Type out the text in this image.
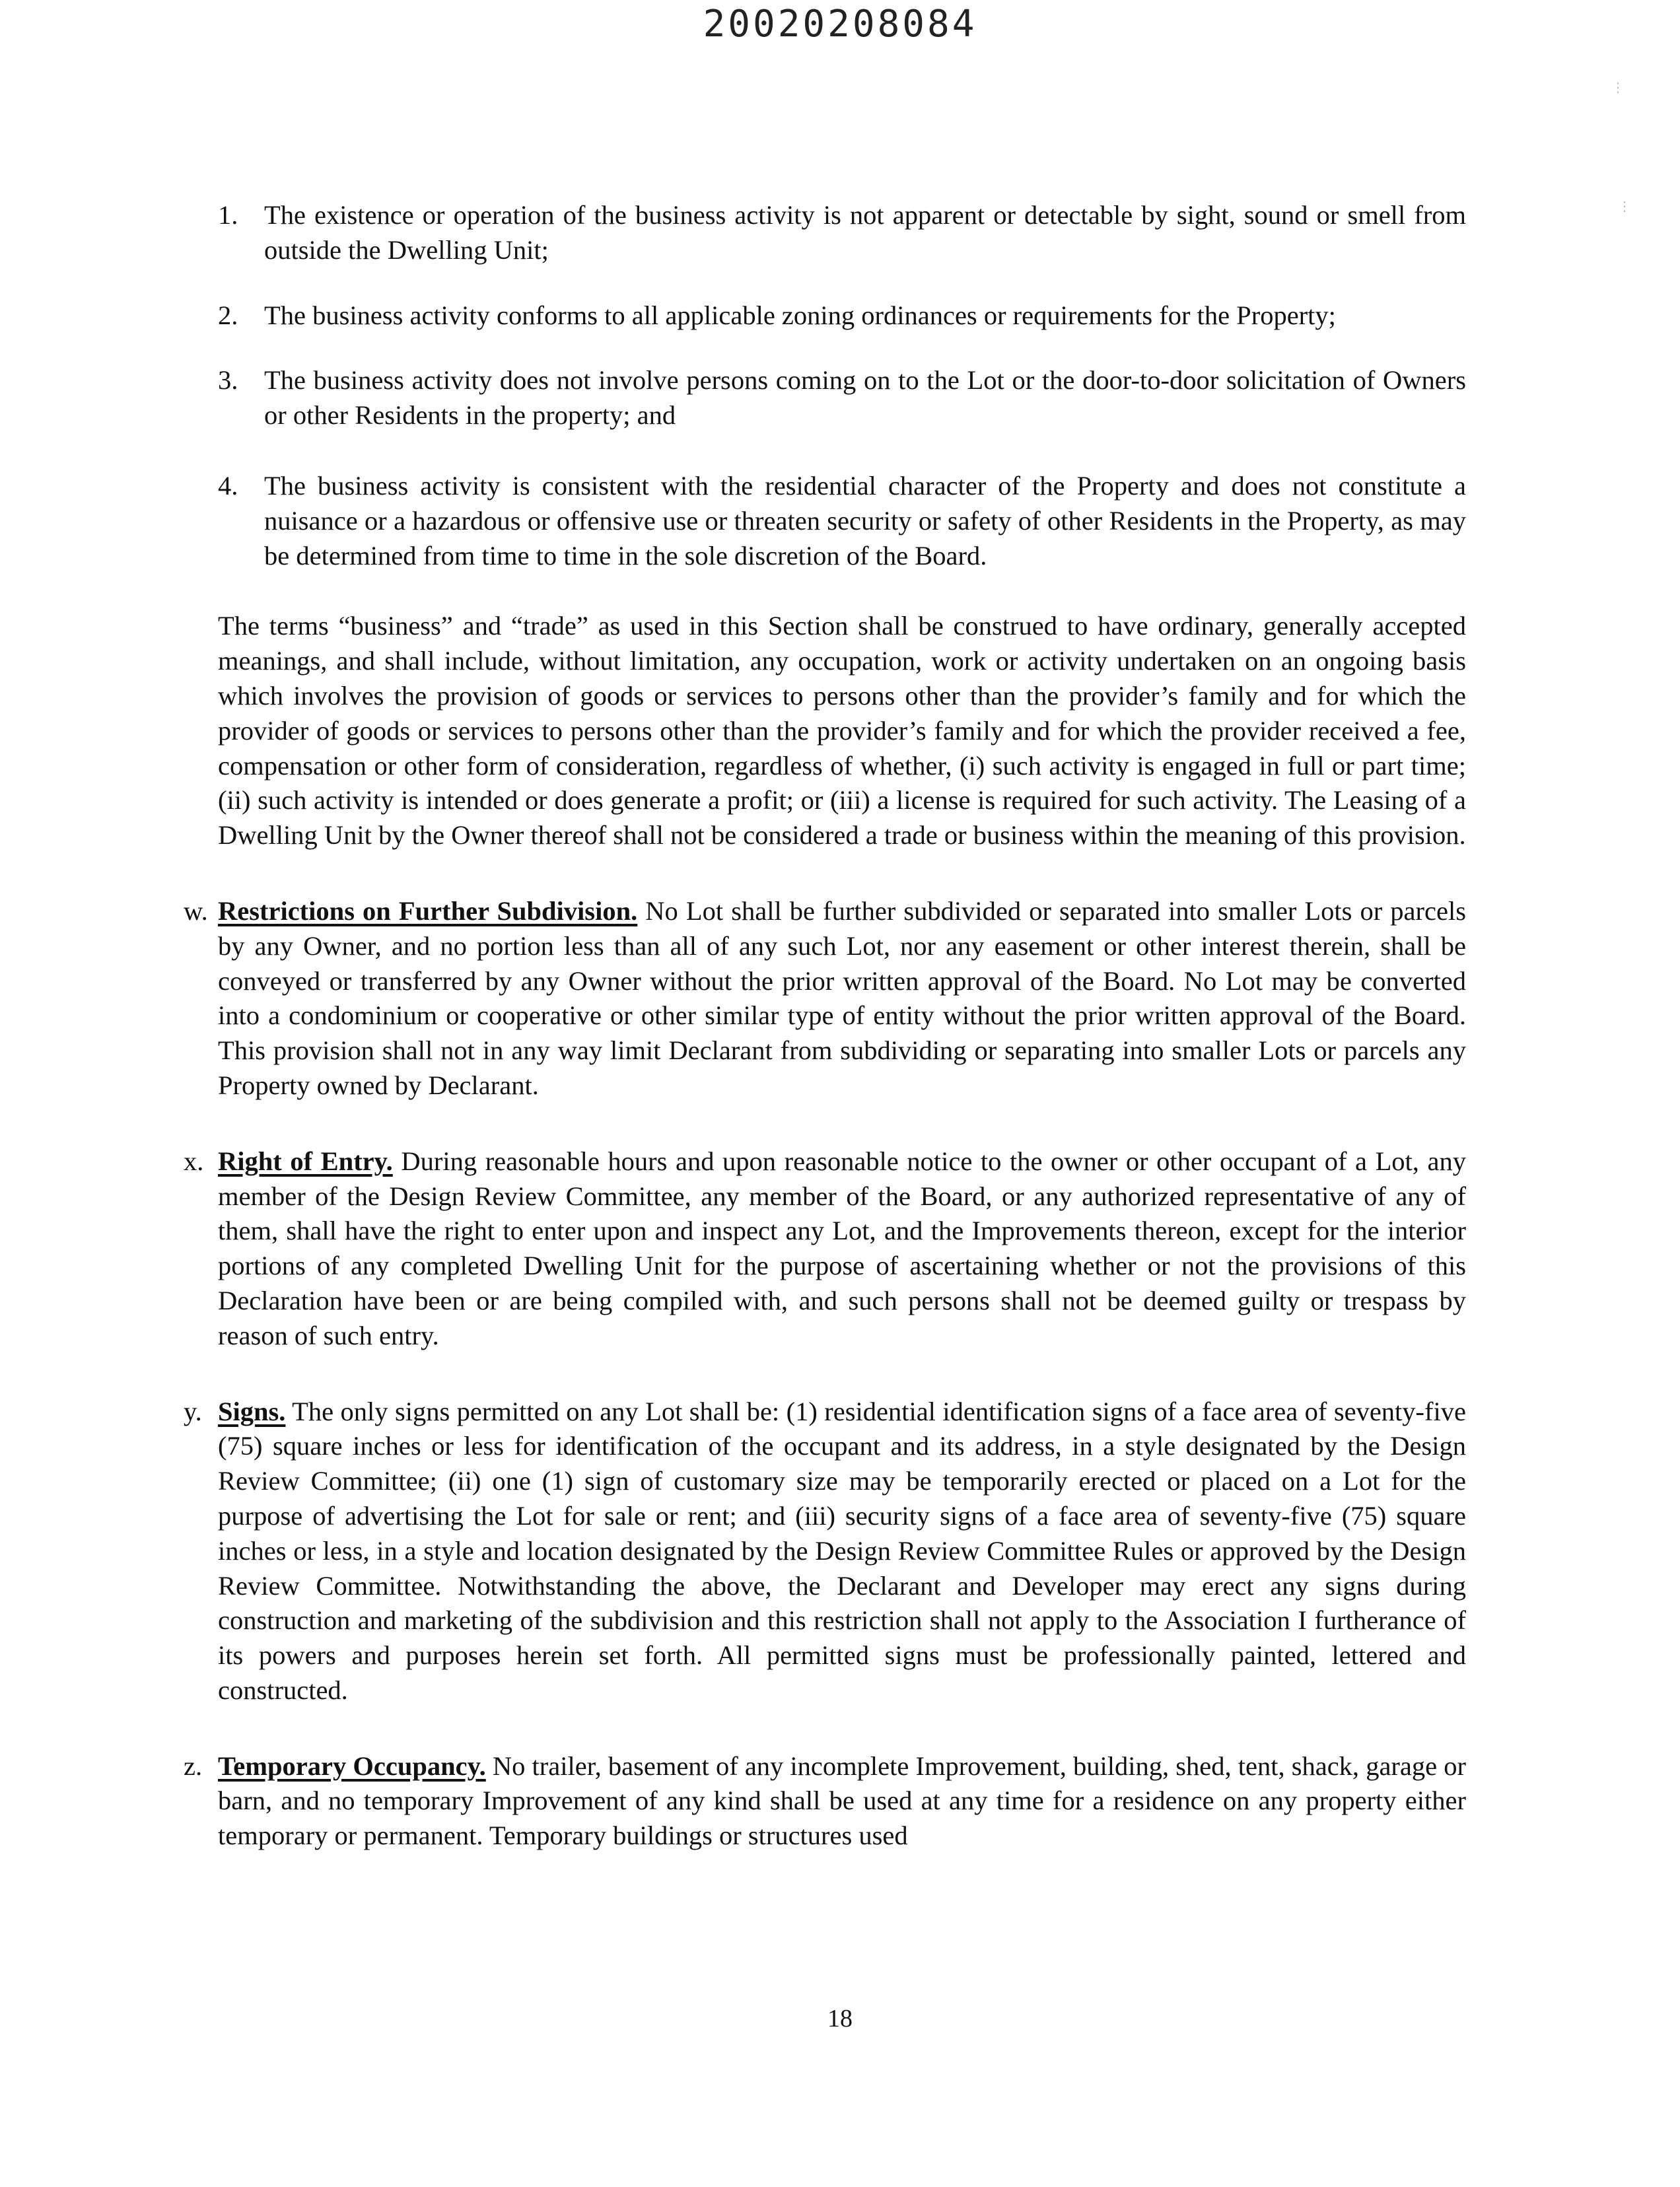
20020208084
⋮
⋮
1. The existence or operation of the business activity is not apparent or detectable by sight, sound or smell from outside the Dwelling Unit;
2. The business activity conforms to all applicable zoning ordinances or requirements for the Property;
3. The business activity does not involve persons coming on to the Lot or the door-to-door solicitation of Owners or other Residents in the property; and
4. The business activity is consistent with the residential character of the Property and does not constitute a nuisance or a hazardous or offensive use or threaten security or safety of other Residents in the Property, as may be determined from time to time in the sole discretion of the Board.

The terms “business” and “trade” as used in this Section shall be construed to have ordinary, generally accepted meanings, and shall include, without limitation, any occupation, work or activity undertaken on an ongoing basis which involves the provision of goods or services to persons other than the provider’s family and for which the provider of goods or services to persons other than the provider’s family and for which the provider received a fee, compensation or other form of consideration, regardless of whether, (i) such activity is engaged in full or part time; (ii) such activity is intended or does generate a profit; or (iii) a license is required for such activity. The Leasing of a Dwelling Unit by the Owner thereof shall not be considered a trade or business within the meaning of this provision.

w. Restrictions on Further Subdivision. No Lot shall be further subdivided or separated into smaller Lots or parcels by any Owner, and no portion less than all of any such Lot, nor any easement or other interest therein, shall be conveyed or transferred by any Owner without the prior written approval of the Board. No Lot may be converted into a condominium or cooperative or other similar type of entity without the prior written approval of the Board. This provision shall not in any way limit Declarant from subdividing or separating into smaller Lots or parcels any Property owned by Declarant.
x. Right of Entry. During reasonable hours and upon reasonable notice to the owner or other occupant of a Lot, any member of the Design Review Committee, any member of the Board, or any authorized representative of any of them, shall have the right to enter upon and inspect any Lot, and the Improvements thereon, except for the interior portions of any completed Dwelling Unit for the purpose of ascertaining whether or not the provisions of this Declaration have been or are being compiled with, and such persons shall not be deemed guilty or trespass by reason of such entry.
y. Signs. The only signs permitted on any Lot shall be: (1) residential identification signs of a face area of seventy-five (75) square inches or less for identification of the occupant and its address, in a style designated by the Design Review Committee; (ii) one (1) sign of customary size may be temporarily erected or placed on a Lot for the purpose of advertising the Lot for sale or rent; and (iii) security signs of a face area of seventy-five (75) square inches or less, in a style and location designated by the Design Review Committee Rules or approved by the Design Review Committee. Notwithstanding the above, the Declarant and Developer may erect any signs during construction and marketing of the subdivision and this restriction shall not apply to the Association I furtherance of its powers and purposes herein set forth. All permitted signs must be professionally painted, lettered and constructed.
z. Temporary Occupancy. No trailer, basement of any incomplete Improvement, building, shed, tent, shack, garage or barn, and no temporary Improvement of any kind shall be used at any time for a residence on any property either temporary or permanent. Temporary buildings or structures used
18
